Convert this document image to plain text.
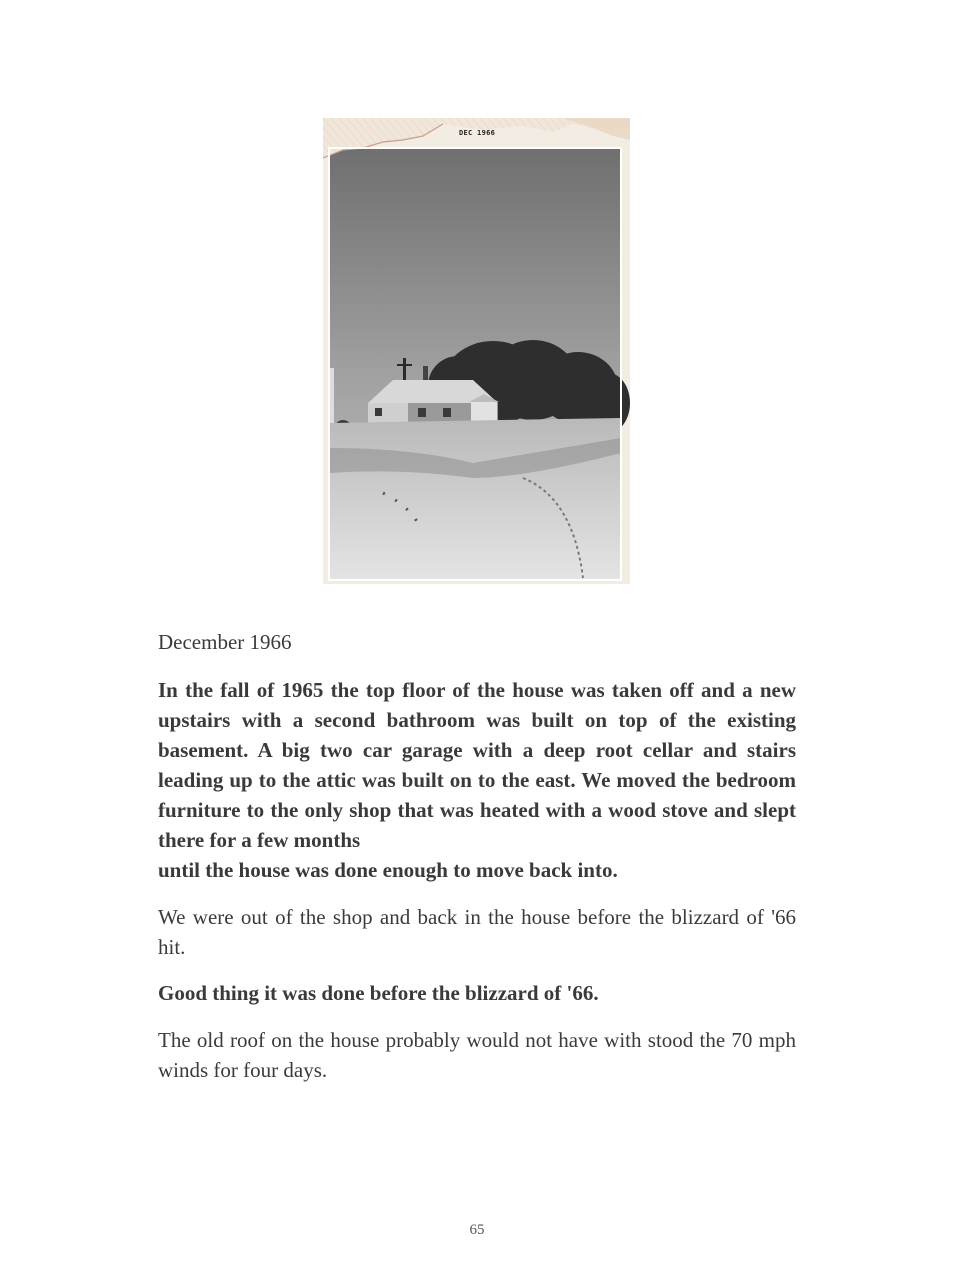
DEC 1966

December 1966

In the fall of 1965 the top floor of the house was taken off and a new upstairs with a second bathroom was built on top of the existing basement. A big two car garage with a deep root cellar and stairs leading up to the attic was built on to the east. We moved the bedroom furniture to the only shop that was heated with a wood stove and slept there for a few months
until the house was done enough to move back into.

We were out of the shop and back in the house before the blizzard of '66 hit.

Good thing it was done before the blizzard of '66.

The old roof on the house probably would not have with stood the 70 mph winds for four days.

65
